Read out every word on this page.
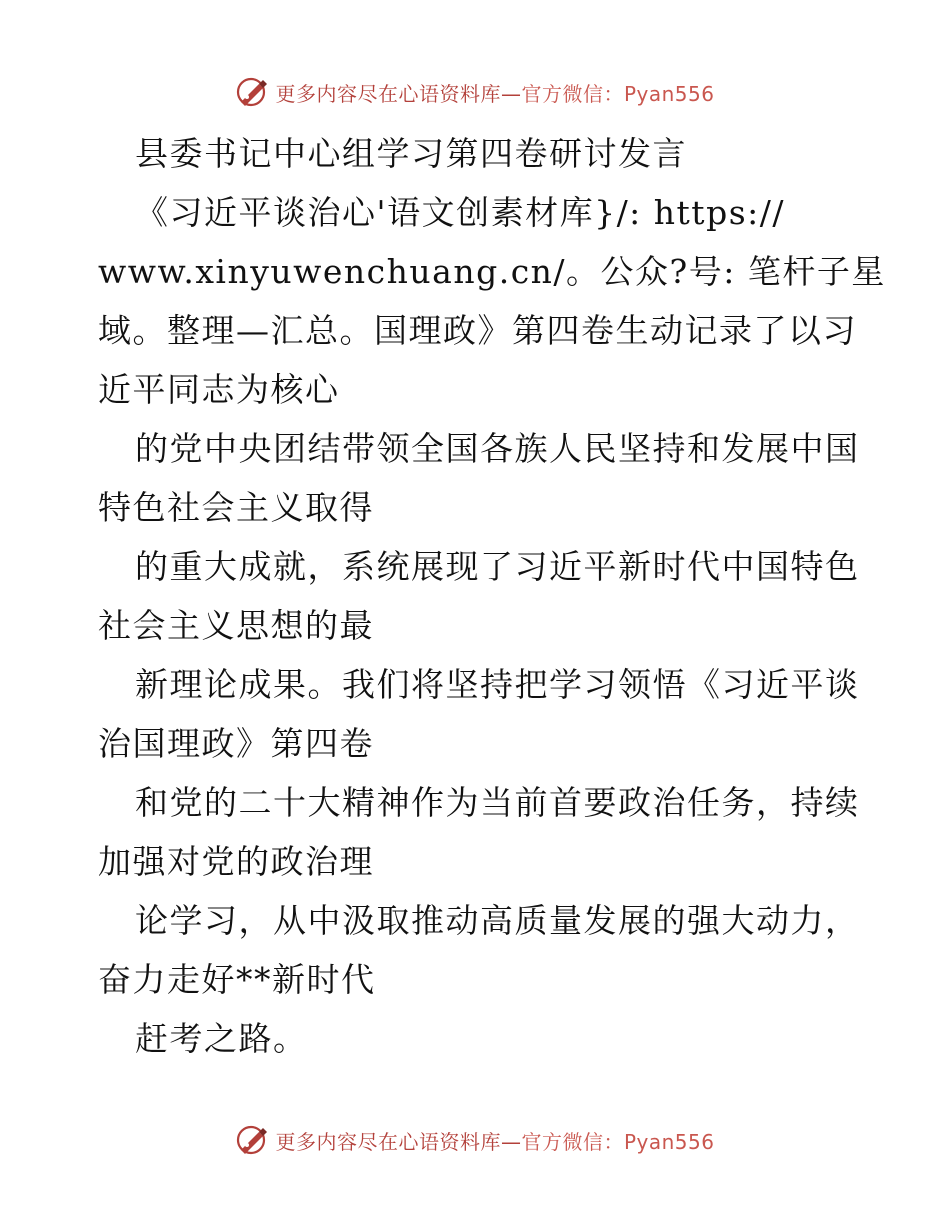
更多内容尽在心语资料库—官方微信：Pyan556
县委书记中心组学习第四卷研讨发言
《习近平谈治心'语文创素材库}/: https://
www.xinyuwenchuang.cn/。公众?号: 笔杆子星
域。整理—汇总。国理政》第四卷生动记录了以习
近平同志为核心
的党中央团结带领全国各族人民坚持和发展中国
特色社会主义取得
的重大成就，系统展现了习近平新时代中国特色
社会主义思想的最
新理论成果。我们将坚持把学习领悟《习近平谈
治国理政》第四卷
和党的二十大精神作为当前首要政治任务，持续
加强对党的政治理
论学习，从中汲取推动高质量发展的强大动力，
奋力走好**新时代
赶考之路。
更多内容尽在心语资料库—官方微信：Pyan556
